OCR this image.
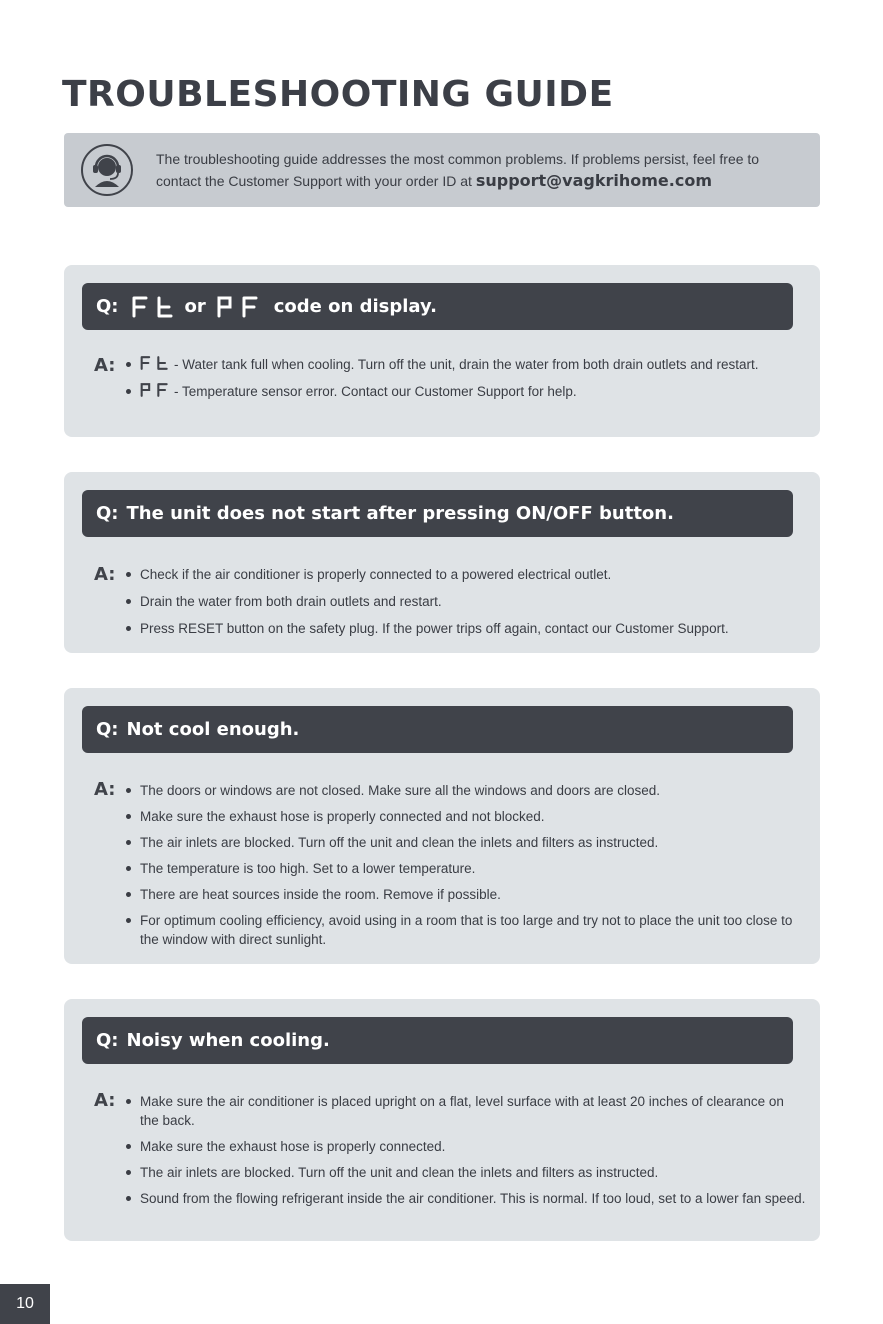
TROUBLESHOOTING GUIDE
The troubleshooting guide addresses the most common problems. If problems persist, feel free to contact the Customer Support with your order ID at support@vagkrihome.com
Q:	or	code on display.
A:	- Water tank full when cooling. Turn off the unit, drain the water from both drain outlets and restart.
- Temperature sensor error. Contact our Customer Support for help.
Q: The unit does not start after pressing ON/OFF button.
A:	Check if the air conditioner is properly connected to a powered electrical outlet.
Drain the water from both drain outlets and restart.
Press RESET button on the safety plug. If the power trips off again, contact our Customer Support.
Q: Not cool enough.
A:	The doors or windows are not closed. Make sure all the windows and doors are closed.
Make sure the exhaust hose is properly connected and not blocked.
The air inlets are blocked. Turn off the unit and clean the inlets and filters as instructed.
The temperature is too high. Set to a lower temperature.
There are heat sources inside the room. Remove if possible.
For optimum cooling efficiency, avoid using in a room that is too large and try not to place the unit too close to the window with direct sunlight.
Q: Noisy when cooling.
A:	Make sure the air conditioner is placed upright on a flat, level surface with at least 20 inches of clearance on the back.
Make sure the exhaust hose is properly connected.
The air inlets are blocked. Turn off the unit and clean the inlets and filters as instructed.
Sound from the flowing refrigerant inside the air conditioner. This is normal. If too loud, set to a lower fan speed.
10
